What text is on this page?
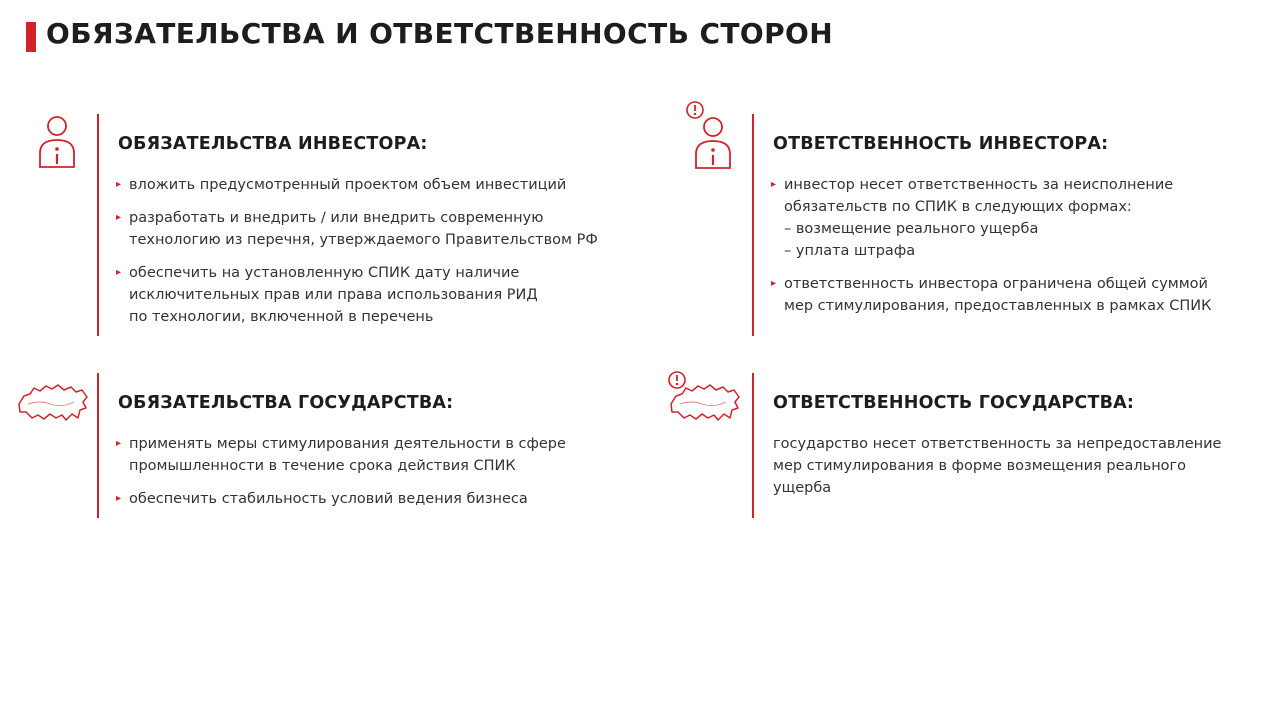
ОБЯЗАТЕЛЬСТВА И ОТВЕТСТВЕННОСТЬ СТОРОН
ОБЯЗАТЕЛЬСТВА ИНВЕСТОРА:
▸ вложить предусмотренный проектом объем инвестиций
▸ разработать и внедрить / или внедрить современную
технологию из перечня, утверждаемого Правительством РФ
▸ обеспечить на установленную СПИК дату наличие
исключительных прав или права использования РИД
по технологии, включенной в перечень
ОТВЕТСТВЕННОСТЬ ИНВЕСТОРА:
▸ инвестор несет ответственность за неисполнение
обязательств по СПИК в следующих формах:
– возмещение реального ущерба
– уплата штрафа
▸ ответственность инвестора ограничена общей суммой
мер стимулирования, предоставленных в рамках СПИК
ОБЯЗАТЕЛЬСТВА ГОСУДАРСТВА:
▸ применять меры стимулирования деятельности в сфере
промышленности в течение срока действия СПИК
▸ обеспечить стабильность условий ведения бизнеса
ОТВЕТСТВЕННОСТЬ ГОСУДАРСТВА:

государство несет ответственность за непредоставление
мер стимулирования в форме возмещения реального
ущерба
